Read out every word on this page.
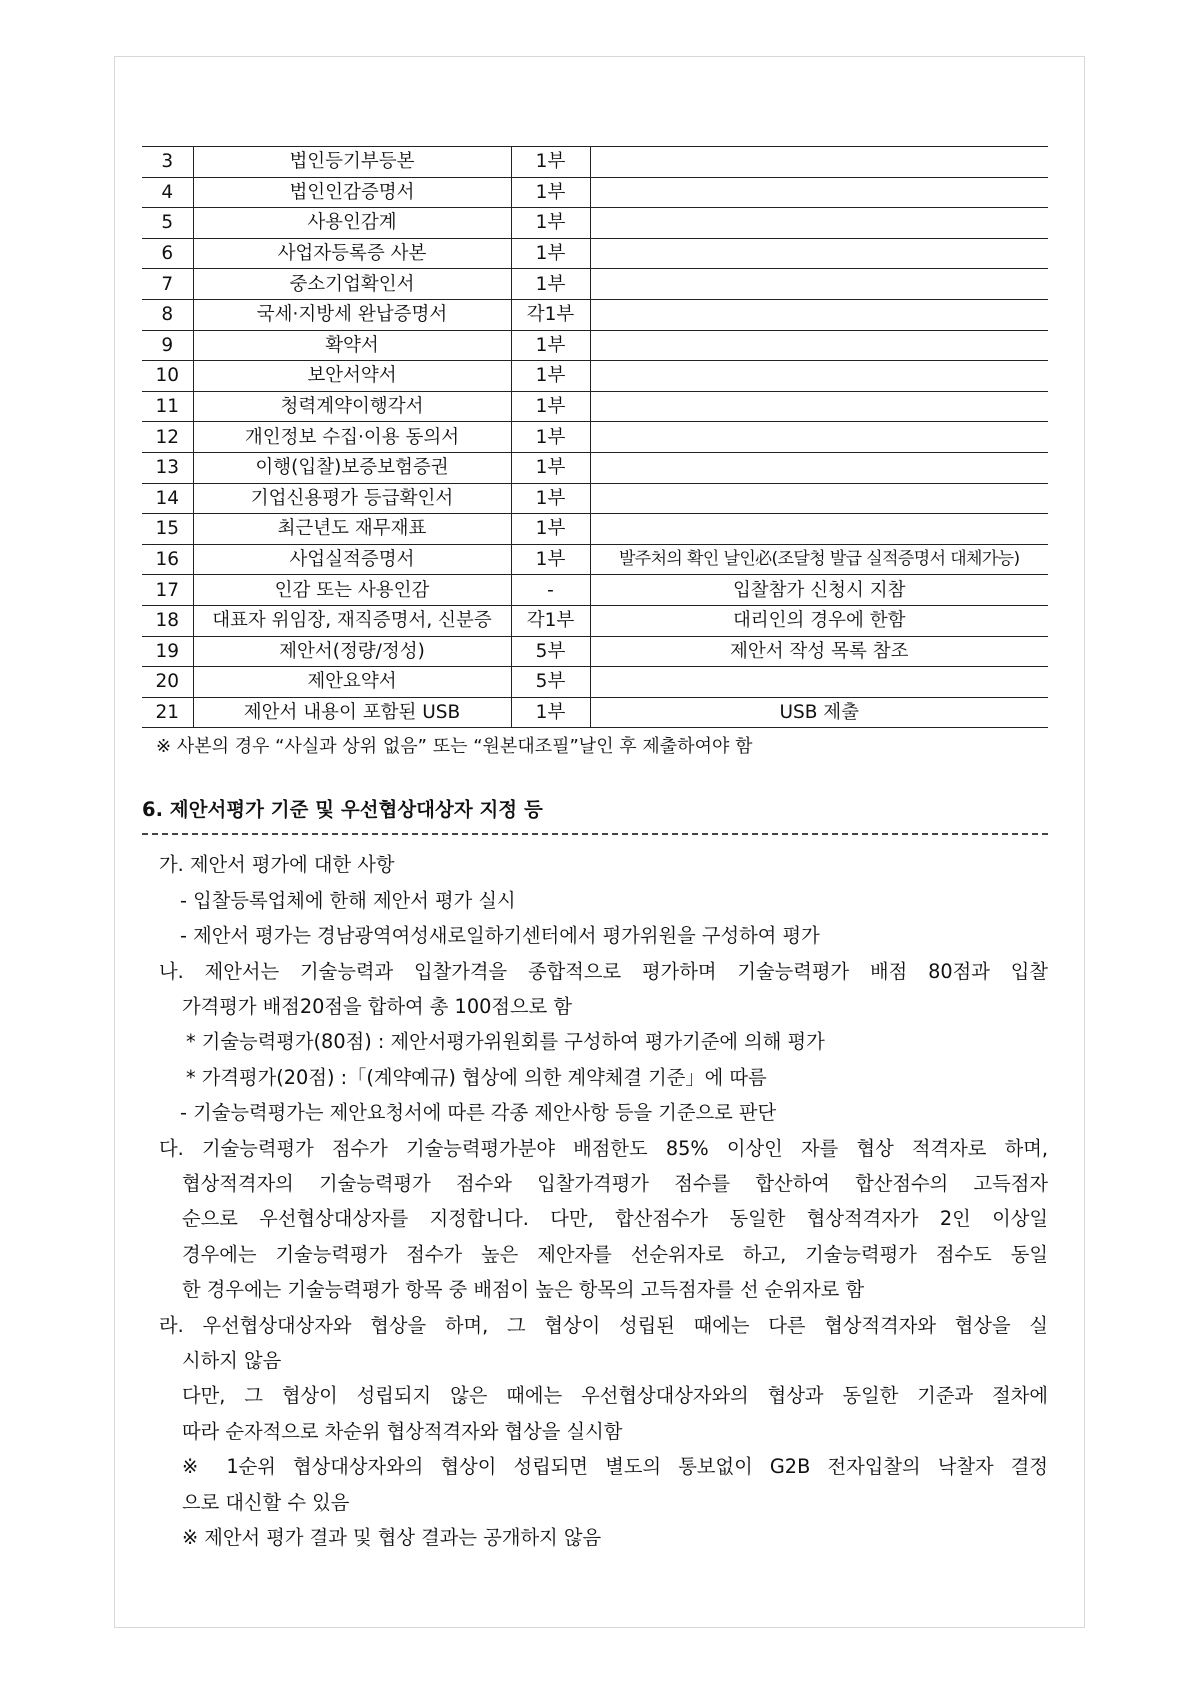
3	법인등기부등본	1부	
4	법인인감증명서	1부	
5	사용인감계	1부	
6	사업자등록증 사본	1부	
7	중소기업확인서	1부	
8	국세·지방세 완납증명서	각1부	
9	확약서	1부	
10	보안서약서	1부	
11	청력계약이행각서	1부	
12	개인정보 수집·이용 동의서	1부	
13	이행(입찰)보증보험증권	1부	
14	기업신용평가 등급확인서	1부	
15	최근년도 재무재표	1부	
16	사업실적증명서	1부	발주처의 확인 날인必(조달청 발급 실적증명서 대체가능)
17	인감 또는 사용인감	-	입찰참가 신청시 지참
18	대표자 위임장, 재직증명서, 신분증	각1부	대리인의 경우에 한함
19	제안서(정량/정성)	5부	제안서 작성 목록 참조
20	제안요약서	5부	
21	제안서 내용이 포함된 USB	1부	USB 제출
※ 사본의 경우 “사실과 상위 없음” 또는 “원본대조필”날인 후 제출하여야 함
6. 제안서평가 기준 및 우선협상대상자 지정 등
가. 제안서 평가에 대한 사항
- 입찰등록업체에 한해 제안서 평가 실시
- 제안서 평가는 경남광역여성새로일하기센터에서 평가위원을 구성하여 평가
나. 제안서는 기술능력과 입찰가격을 종합적으로 평가하며 기술능력평가 배점 80점과 입찰
가격평가 배점20점을 합하여 총 100점으로 함
* 기술능력평가(80점) : 제안서평가위원회를 구성하여 평가기준에 의해 평가
* 가격평가(20점) :「(계약예규) 협상에 의한 계약체결 기준」에 따름
- 기술능력평가는 제안요청서에 따른 각종 제안사항 등을 기준으로 판단
다. 기술능력평가 점수가 기술능력평가분야 배점한도 85% 이상인 자를 협상 적격자로 하며,
협상적격자의 기술능력평가 점수와 입찰가격평가 점수를 합산하여 합산점수의 고득점자
순으로 우선협상대상자를 지정합니다. 다만, 합산점수가 동일한 협상적격자가 2인 이상일
경우에는 기술능력평가 점수가 높은 제안자를 선순위자로 하고, 기술능력평가 점수도 동일
한 경우에는 기술능력평가 항목 중 배점이 높은 항목의 고득점자를 선 순위자로 함
라. 우선협상대상자와 협상을 하며, 그 협상이 성립된 때에는 다른 협상적격자와 협상을 실
시하지 않음
다만, 그 협상이 성립되지 않은 때에는 우선협상대상자와의 협상과 동일한 기준과 절차에
따라 순자적으로 차순위 협상적격자와 협상을 실시함
※ 1순위 협상대상자와의 협상이 성립되면 별도의 통보없이 G2B 전자입찰의 낙찰자 결정
으로 대신할 수 있음
※ 제안서 평가 결과 및 협상 결과는 공개하지 않음
